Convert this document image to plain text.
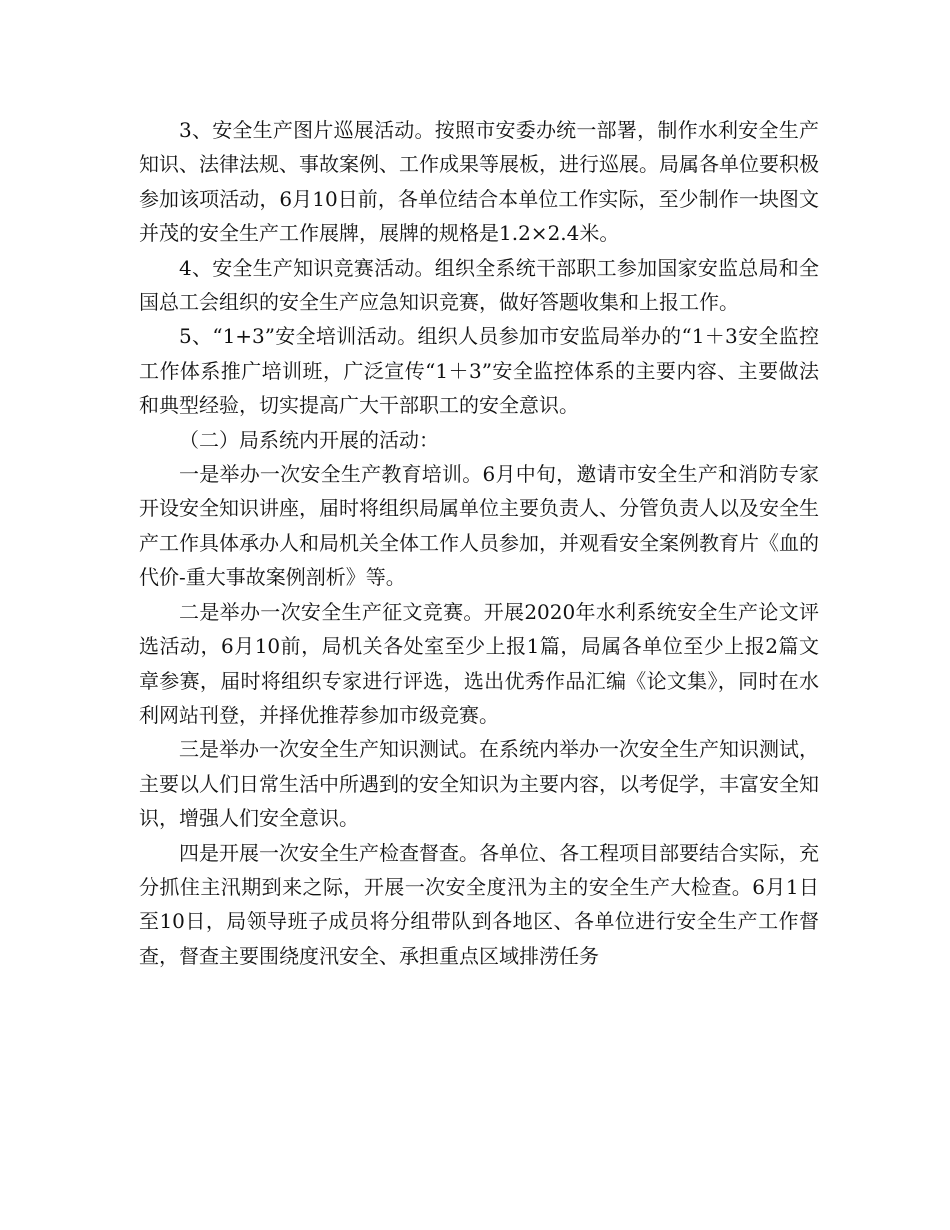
3、安全生产图片巡展活动。按照市安委办统一部署，制作水利安全生产知识、法律法规、事故案例、工作成果等展板，进行巡展。局属各单位要积极参加该项活动，6月10日前，各单位结合本单位工作实际，至少制作一块图文并茂的安全生产工作展牌，展牌的规格是1.2×2.4米。

4、安全生产知识竞赛活动。组织全系统干部职工参加国家安监总局和全国总工会组织的安全生产应急知识竞赛，做好答题收集和上报工作。

5、“1+3”安全培训活动。组织人员参加市安监局举办的“1＋3安全监控工作体系推广培训班，广泛宣传“1＋3”安全监控体系的主要内容、主要做法和典型经验，切实提高广大干部职工的安全意识。

（二）局系统内开展的活动：

一是举办一次安全生产教育培训。6月中旬，邀请市安全生产和消防专家开设安全知识讲座，届时将组织局属单位主要负责人、分管负责人以及安全生产工作具体承办人和局机关全体工作人员参加，并观看安全案例教育片《血的代价-重大事故案例剖析》等。

二是举办一次安全生产征文竞赛。开展2020年水利系统安全生产论文评选活动，6月10前，局机关各处室至少上报1篇，局属各单位至少上报2篇文章参赛，届时将组织专家进行评选，选出优秀作品汇编《论文集》，同时在水利网站刊登，并择优推荐参加市级竞赛。

三是举办一次安全生产知识测试。在系统内举办一次安全生产知识测试，主要以人们日常生活中所遇到的安全知识为主要内容，以考促学，丰富安全知识，增强人们安全意识。

四是开展一次安全生产检查督查。各单位、各工程项目部要结合实际，充分抓住主汛期到来之际，开展一次安全度汛为主的安全生产大检查。6月1日至10日，局领导班子成员将分组带队到各地区、各单位进行安全生产工作督查，督查主要围绕度汛安全、承担重点区域排涝任务
